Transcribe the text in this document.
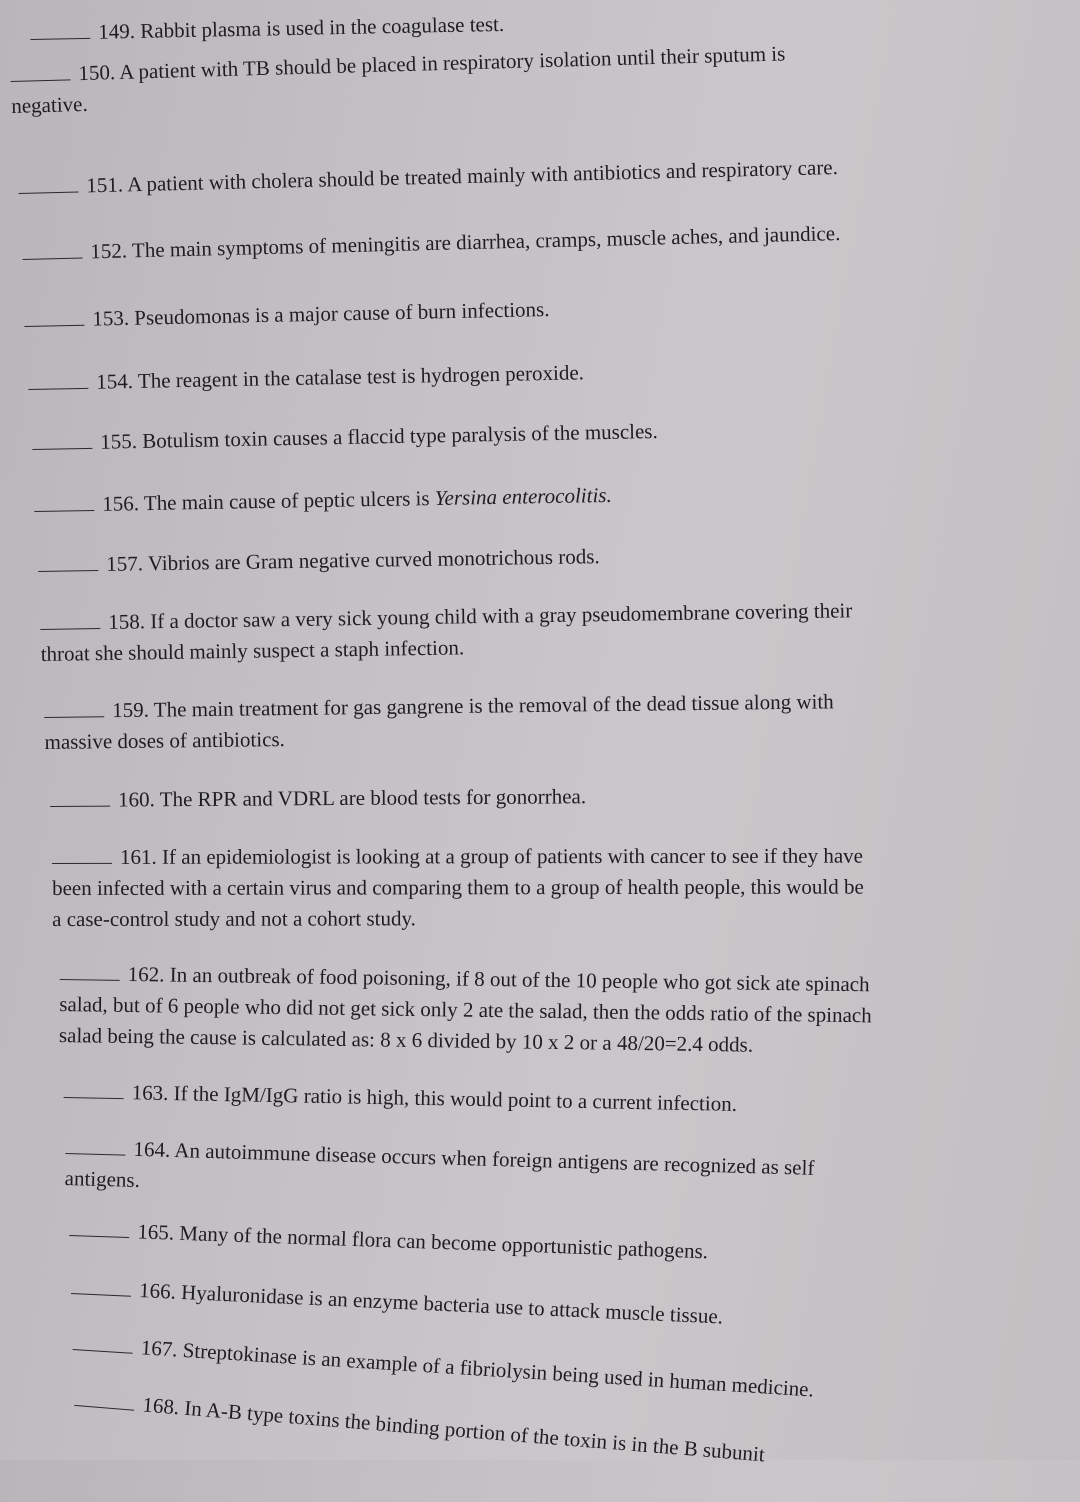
149. Rabbit plasma is used in the coagulase test.
150. A patient with TB should be placed in respiratory isolation until their sputum is
negative.
151. A patient with cholera should be treated mainly with antibiotics and respiratory care.
152. The main symptoms of meningitis are diarrhea, cramps, muscle aches, and jaundice.
153. Pseudomonas is a major cause of burn infections.
154. The reagent in the catalase test is hydrogen peroxide.
155. Botulism toxin causes a flaccid type paralysis of the muscles.
156. The main cause of peptic ulcers is Yersina enterocolitis.
157. Vibrios are Gram negative curved monotrichous rods.
158. If a doctor saw a very sick young child with a gray pseudomembrane covering their
throat she should mainly suspect a staph infection.
159. The main treatment for gas gangrene is the removal of the dead tissue along with
massive doses of antibiotics.
160. The RPR and VDRL are blood tests for gonorrhea.
161. If an epidemiologist is looking at a group of patients with cancer to see if they have
been infected with a certain virus and comparing them to a group of health people, this would be
a case-control study and not a cohort study.
162. In an outbreak of food poisoning, if 8 out of the 10 people who got sick ate spinach
salad, but of 6 people who did not get sick only 2 ate the salad, then the odds ratio of the spinach
salad being the cause is calculated as: 8 x 6 divided by 10 x 2 or a 48/20=2.4 odds.
163. If the IgM/IgG ratio is high, this would point to a current infection.
164. An autoimmune disease occurs when foreign antigens are recognized as self
antigens.
165. Many of the normal flora can become opportunistic pathogens.
166. Hyaluronidase is an enzyme bacteria use to attack muscle tissue.
167. Streptokinase is an example of a fibriolysin being used in human medicine.
168. In A-B type toxins the binding portion of the toxin is in the B subunit
